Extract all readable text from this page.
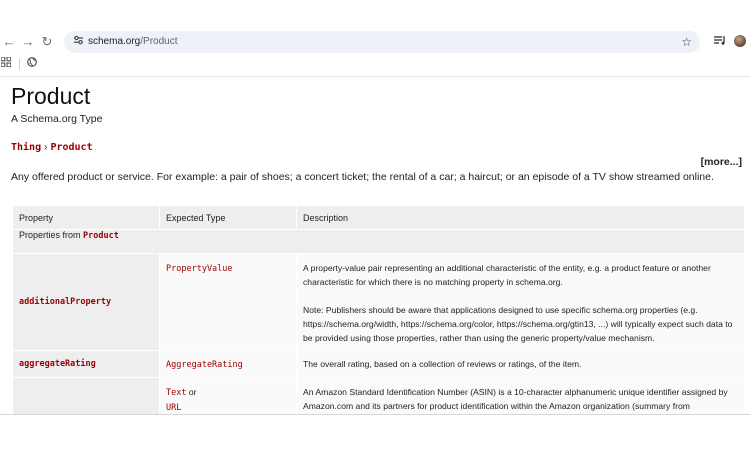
← → ↻	schema.org/Product	☆
Product
A Schema.org Type
Thing › Product
[more...]
Any offered product or service. For example: a pair of shoes; a concert ticket; the rental of a car; a haircut; or an episode of a TV show streamed online.
Property	Expected Type	Description
Properties from Product		
additionalProperty	PropertyValue	A property-value pair representing an additional characteristic of the entity, e.g. a product feature or another characteristic for which there is no matching property in schema.org.
Note: Publishers should be aware that applications designed to use specific schema.org properties (e.g. https://schema.org/width, https://schema.org/color, https://schema.org/gtin13, ...) will typically expect such data to be provided using those properties, rather than using the generic property/value mechanism.

aggregateRating	AggregateRating	The overall rating, based on a collection of reviews or ratings, of the item.
	Text or
URL	An Amazon Standard Identification Number (ASIN) is a 10-character alphanumeric unique identifier assigned by Amazon.com and its partners for product identification within the Amazon organization (summary from
